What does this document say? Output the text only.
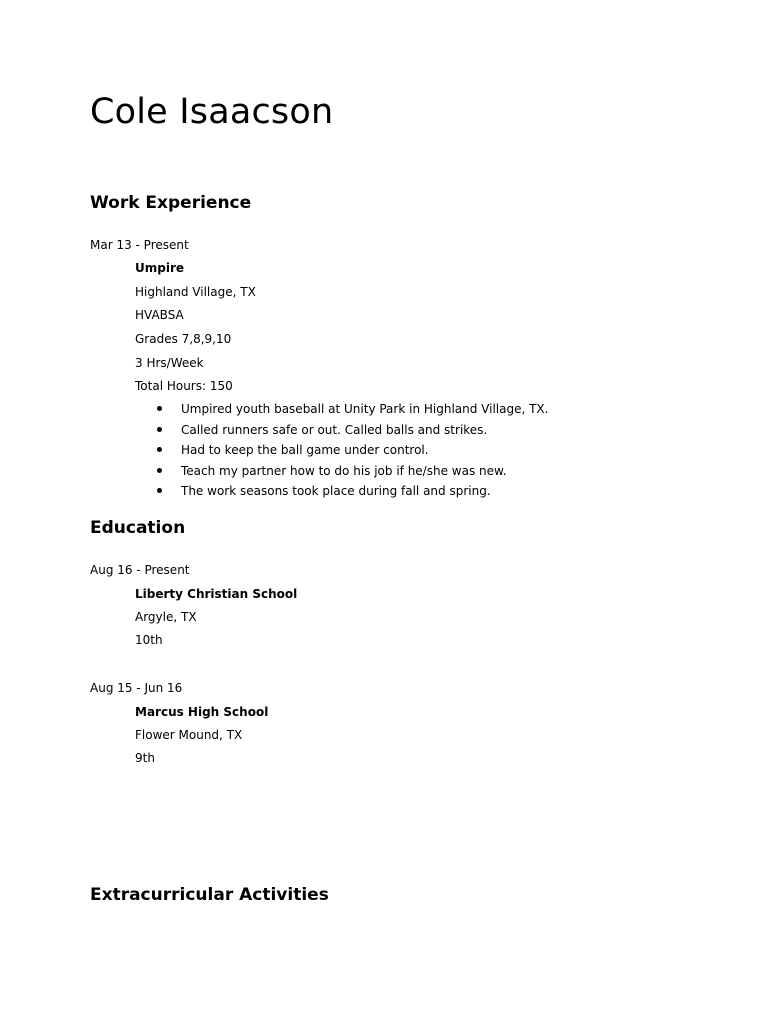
Cole Isaacson
Work Experience
Mar 13 - Present
Umpire
Highland Village, TX
HVABSA
Grades 7,8,9,10
3 Hrs/Week
Total Hours: 150
Umpired youth baseball at Unity Park in Highland Village, TX.
Called runners safe or out. Called balls and strikes.
Had to keep the ball game under control.
Teach my partner how to do his job if he/she was new.
The work seasons took place during fall and spring.
Education
Aug 16 - Present
Liberty Christian School
Argyle, TX
10th
Aug 15 - Jun 16
Marcus High School
Flower Mound, TX
9th
Extracurricular Activities
